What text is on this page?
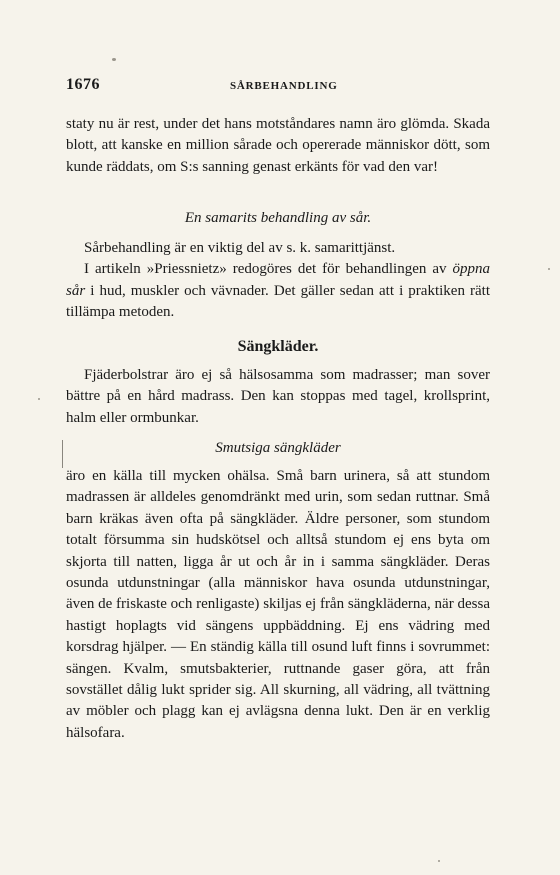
1676	SÅRBEHANDLING

staty nu är rest, under det hans motståndares namn äro glömda. Skada blott, att kanske en million sårade och opererade människor dött, som kunde räddats, om S:s sanning genast erkänts för vad den var!

En samarits behandling av sår.

Sårbehandling är en viktig del av s. k. samarittjänst.

I artikeln »Priessnietz» redogöres det för behandlingen av öppna sår i hud, muskler och vävnader. Det gäller sedan att i praktiken rätt tillämpa metoden.

Sängkläder.

Fjäderbolstrar äro ej så hälsosamma som madrasser; man sover bättre på en hård madrass. Den kan stoppas med tagel, krollsprint, halm eller ormbunkar.

Smutsiga sängkläder

äro en källa till mycken ohälsa. Små barn urinera, så att stundom madrassen är alldeles genomdränkt med urin, som sedan ruttnar. Små barn kräkas även ofta på sängkläder. Äldre personer, som stundom totalt försumma sin hudskötsel och alltså stundom ej ens byta om skjorta till natten, ligga år ut och år in i samma sängkläder. Deras osunda utdunstningar (alla människor hava osunda utdunstningar, även de friskaste och renligaste) skiljas ej från sängkläderna, när dessa hastigt hoplagts vid sängens uppbäddning. Ej ens vädring med korsdrag hjälper. — En ständig källa till osund luft finns i sovrummet: sängen. Kvalm, smutsbakterier, ruttnande gaser göra, att från sovstället dålig lukt sprider sig. All skurning, all vädring, all tvättning av möbler och plagg kan ej avlägsna denna lukt. Den är en verklig hälsofara.
